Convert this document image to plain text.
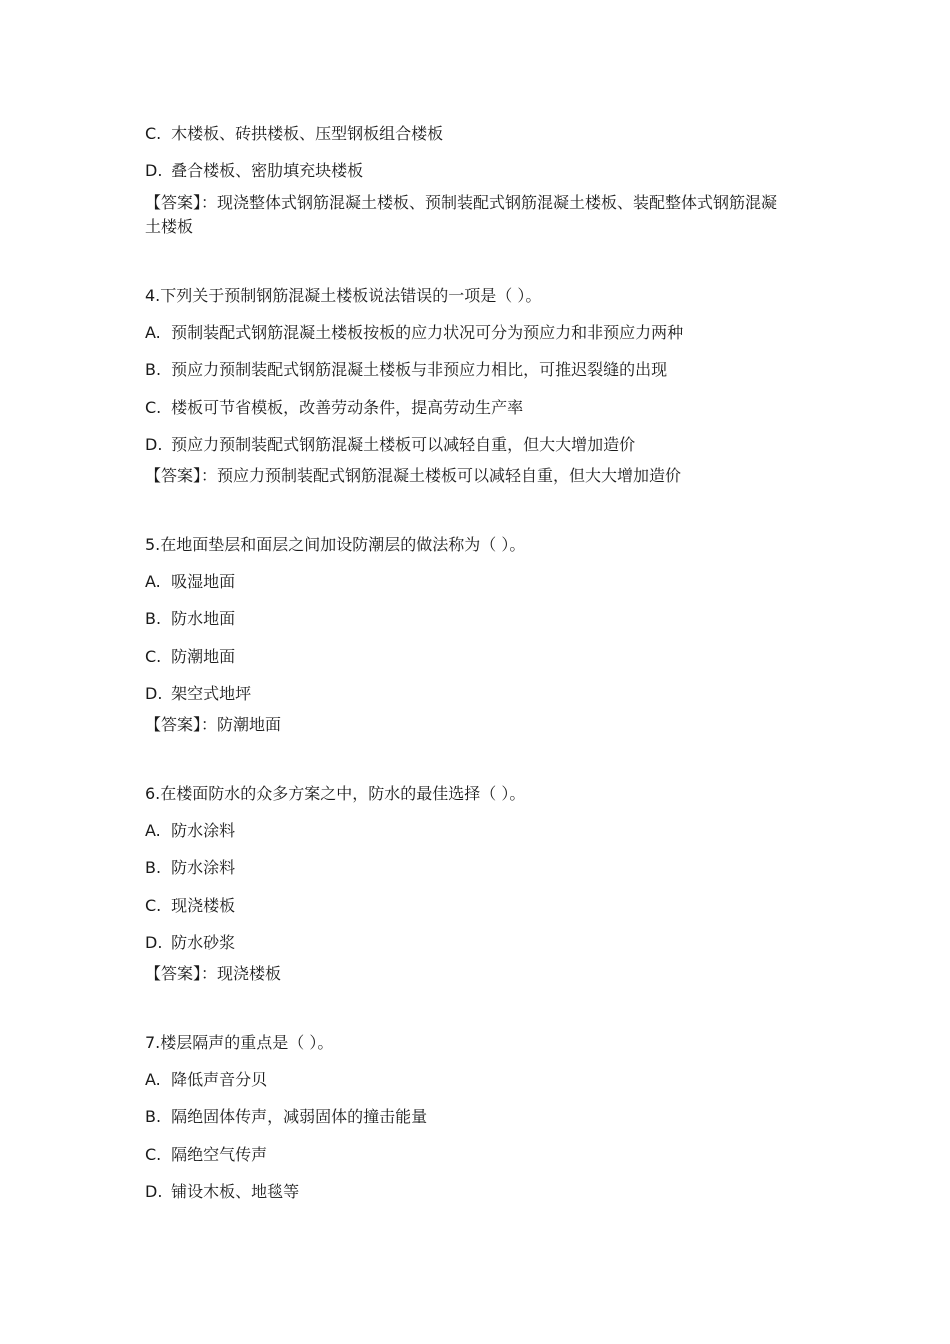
C. 木楼板、砖拱楼板、压型钢板组合楼板
D. 叠合楼板、密肋填充块楼板
【答案】：现浇整体式钢筋混凝土楼板、预制装配式钢筋混凝土楼板、装配整体式钢筋混凝
土楼板
4.下列关于预制钢筋混凝土楼板说法错误的一项是（ ）。
A. 预制装配式钢筋混凝土楼板按板的应力状况可分为预应力和非预应力两种
B. 预应力预制装配式钢筋混凝土楼板与非预应力相比，可推迟裂缝的出现
C. 楼板可节省模板，改善劳动条件，提高劳动生产率
D. 预应力预制装配式钢筋混凝土楼板可以减轻自重，但大大增加造价
【答案】：预应力预制装配式钢筋混凝土楼板可以减轻自重，但大大增加造价
5.在地面垫层和面层之间加设防潮层的做法称为（ ）。
A. 吸湿地面
B. 防水地面
C. 防潮地面
D. 架空式地坪
【答案】：防潮地面
6.在楼面防水的众多方案之中，防水的最佳选择（ ）。
A. 防水涂料
B. 防水涂料
C. 现浇楼板
D. 防水砂浆
【答案】：现浇楼板
7.楼层隔声的重点是（ ）。
A. 降低声音分贝
B. 隔绝固体传声，减弱固体的撞击能量
C. 隔绝空气传声
D. 铺设木板、地毯等
